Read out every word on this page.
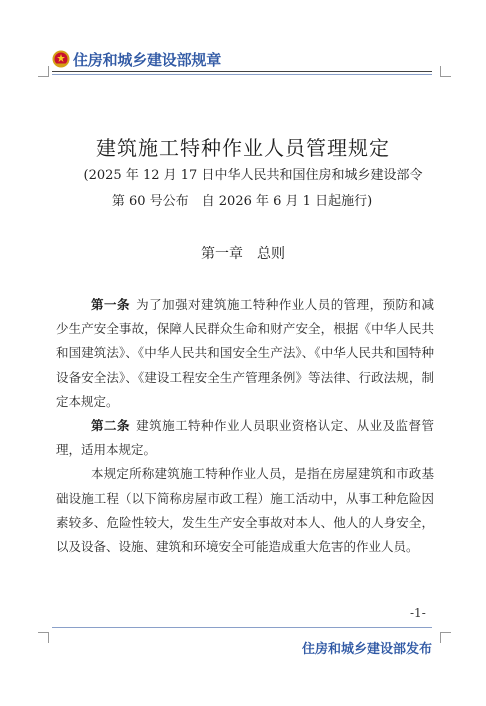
住房和城乡建设部规章
建筑施工特种作业人员管理规定
(2025 年 12 月 17 日中华人民共和国住房和城乡建设部令
第 60 号公布　自 2026 年 6 月 1 日起施行)
第一章　总则

第一条 为了加强对建筑施工特种作业人员的管理，预防和减少生产安全事故，保障人民群众生命和财产安全，根据《中华人民共和国建筑法》、《中华人民共和国安全生产法》、《中华人民共和国特种设备安全法》、《建设工程安全生产管理条例》等法律、行政法规，制定本规定。

第二条 建筑施工特种作业人员职业资格认定、从业及监督管理，适用本规定。

本规定所称建筑施工特种作业人员，是指在房屋建筑和市政基础设施工程（以下简称房屋市政工程）施工活动中，从事工种危险因素较多、危险性较大，发生生产安全事故对本人、他人的人身安全，以及设备、设施、建筑和环境安全可能造成重大危害的作业人员。

-1-
住房和城乡建设部发布
